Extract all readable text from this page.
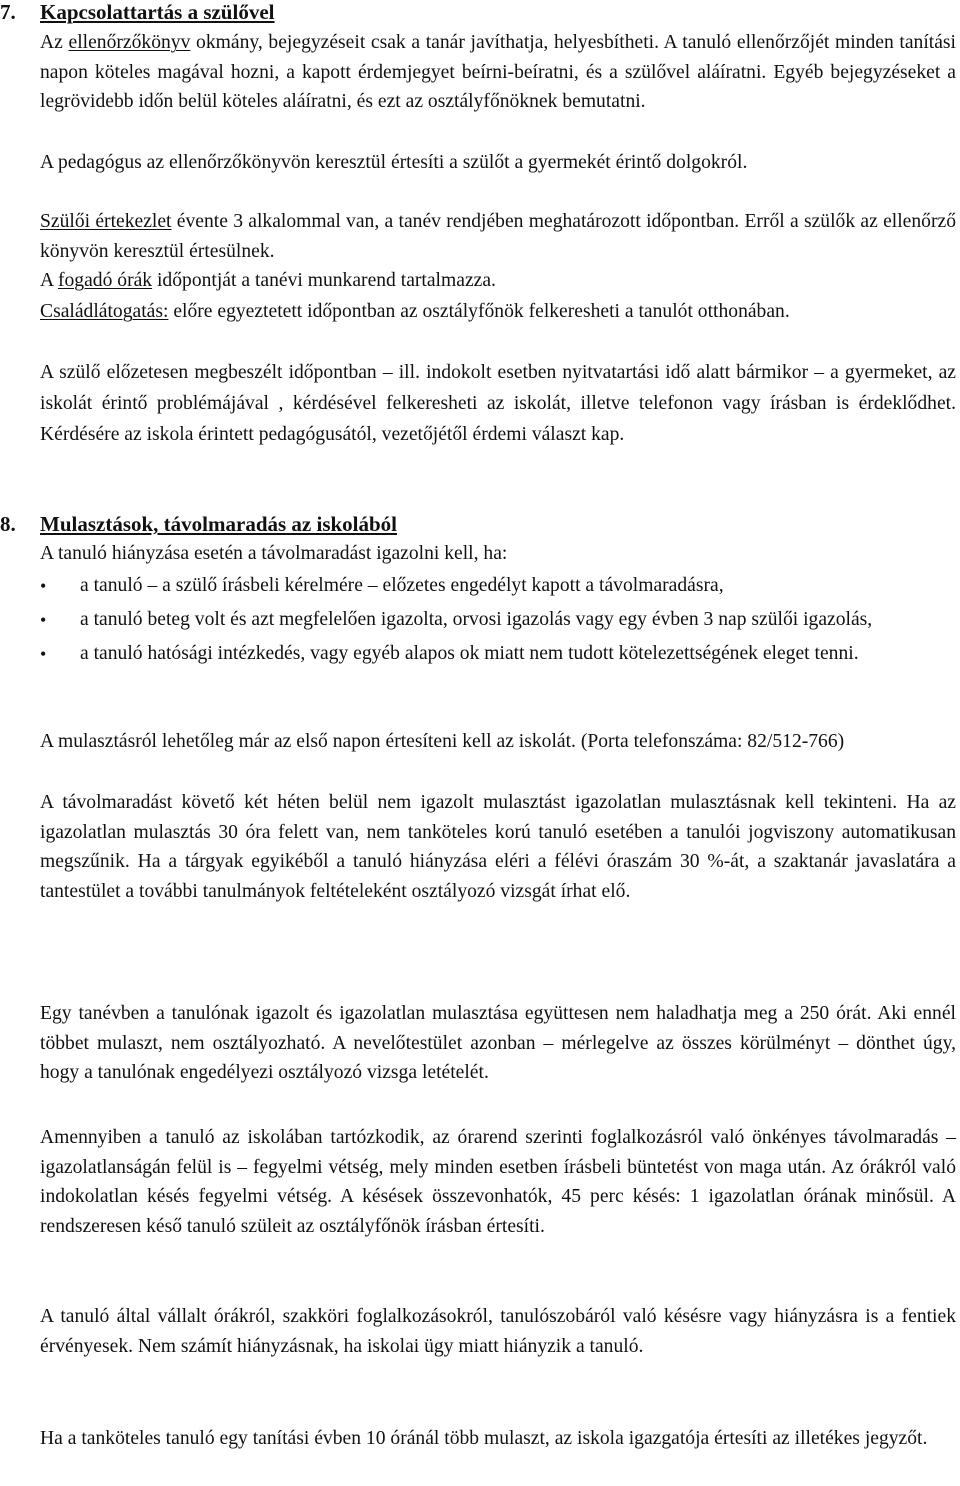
7. Kapcsolattartás a szülővel

Az ellenőrzőkönyv okmány, bejegyzéseit csak a tanár javíthatja, helyesbítheti. A tanuló ellenőrzőjét minden tanítási napon köteles magával hozni, a kapott érdemjegyet beírni-beíratni, és a szülővel aláíratni. Egyéb bejegyzéseket a legrövidebb időn belül köteles aláíratni, és ezt az osztályfőnöknek bemutatni.

A pedagógus az ellenőrzőkönyvön keresztül értesíti a szülőt a gyermekét érintő dolgokról.

Szülői értekezlet évente 3 alkalommal van, a tanév rendjében meghatározott időpontban. Erről a szülők az ellenőrző könyvön keresztül értesülnek.

A fogadó órák időpontját a tanévi munkarend tartalmazza.

Családlátogatás: előre egyeztetett időpontban az osztályfőnök felkeresheti a tanulót otthonában.

A szülő előzetesen megbeszélt időpontban – ill. indokolt esetben nyitvatartási idő alatt bármikor – a gyermeket, az iskolát érintő problémájával , kérdésével felkeresheti az iskolát, illetve telefonon vagy írásban is érdeklődhet. Kérdésére az iskola érintett pedagógusától, vezetőjétől érdemi választ kap.

8. Mulasztások, távolmaradás az iskolából

A tanuló hiányzása esetén a távolmaradást igazolni kell, ha:

•	a tanuló – a szülő írásbeli kérelmére – előzetes engedélyt kapott a távolmaradásra,
•	a tanuló beteg volt és azt megfelelően igazolta, orvosi igazolás vagy egy évben 3 nap szülői igazolás,
•	a tanuló hatósági intézkedés, vagy egyéb alapos ok miatt nem tudott kötelezettségének eleget tenni.

A mulasztásról lehetőleg már az első napon értesíteni kell az iskolát. (Porta telefonszáma: 82/512-766)

A távolmaradást követő két héten belül nem igazolt mulasztást igazolatlan mulasztásnak kell tekinteni. Ha az igazolatlan mulasztás 30 óra felett van, nem tanköteles korú tanuló esetében a tanulói jogviszony automatikusan megszűnik. Ha a tárgyak egyikéből a tanuló hiányzása eléri a félévi óraszám 30 %-át, a szaktanár javaslatára a tantestület a további tanulmányok feltételeként osztályozó vizsgát írhat elő.

Egy tanévben a tanulónak igazolt és igazolatlan mulasztása együttesen nem haladhatja meg a 250 órát. Aki ennél többet mulaszt, nem osztályozható. A nevelőtestület azonban – mérlegelve az összes körülményt – dönthet úgy, hogy a tanulónak engedélyezi osztályozó vizsga letételét.

Amennyiben a tanuló az iskolában tartózkodik, az órarend szerinti foglalkozásról való önkényes távolmaradás – igazolatlanságán felül is – fegyelmi vétség, mely minden esetben írásbeli büntetést von maga után. Az órákról való indokolatlan késés fegyelmi vétség. A késések összevonhatók, 45 perc késés: 1 igazolatlan órának minősül. A rendszeresen késő tanuló szüleit az osztályfőnök írásban értesíti.

A tanuló által vállalt órákról, szakköri foglalkozásokról, tanulószobáról való késésre vagy hiányzásra is a fentiek érvényesek. Nem számít hiányzásnak, ha iskolai ügy miatt hiányzik a tanuló.

Ha a tanköteles tanuló egy tanítási évben 10 óránál több mulaszt, az iskola igazgatója értesíti az illetékes jegyzőt.
